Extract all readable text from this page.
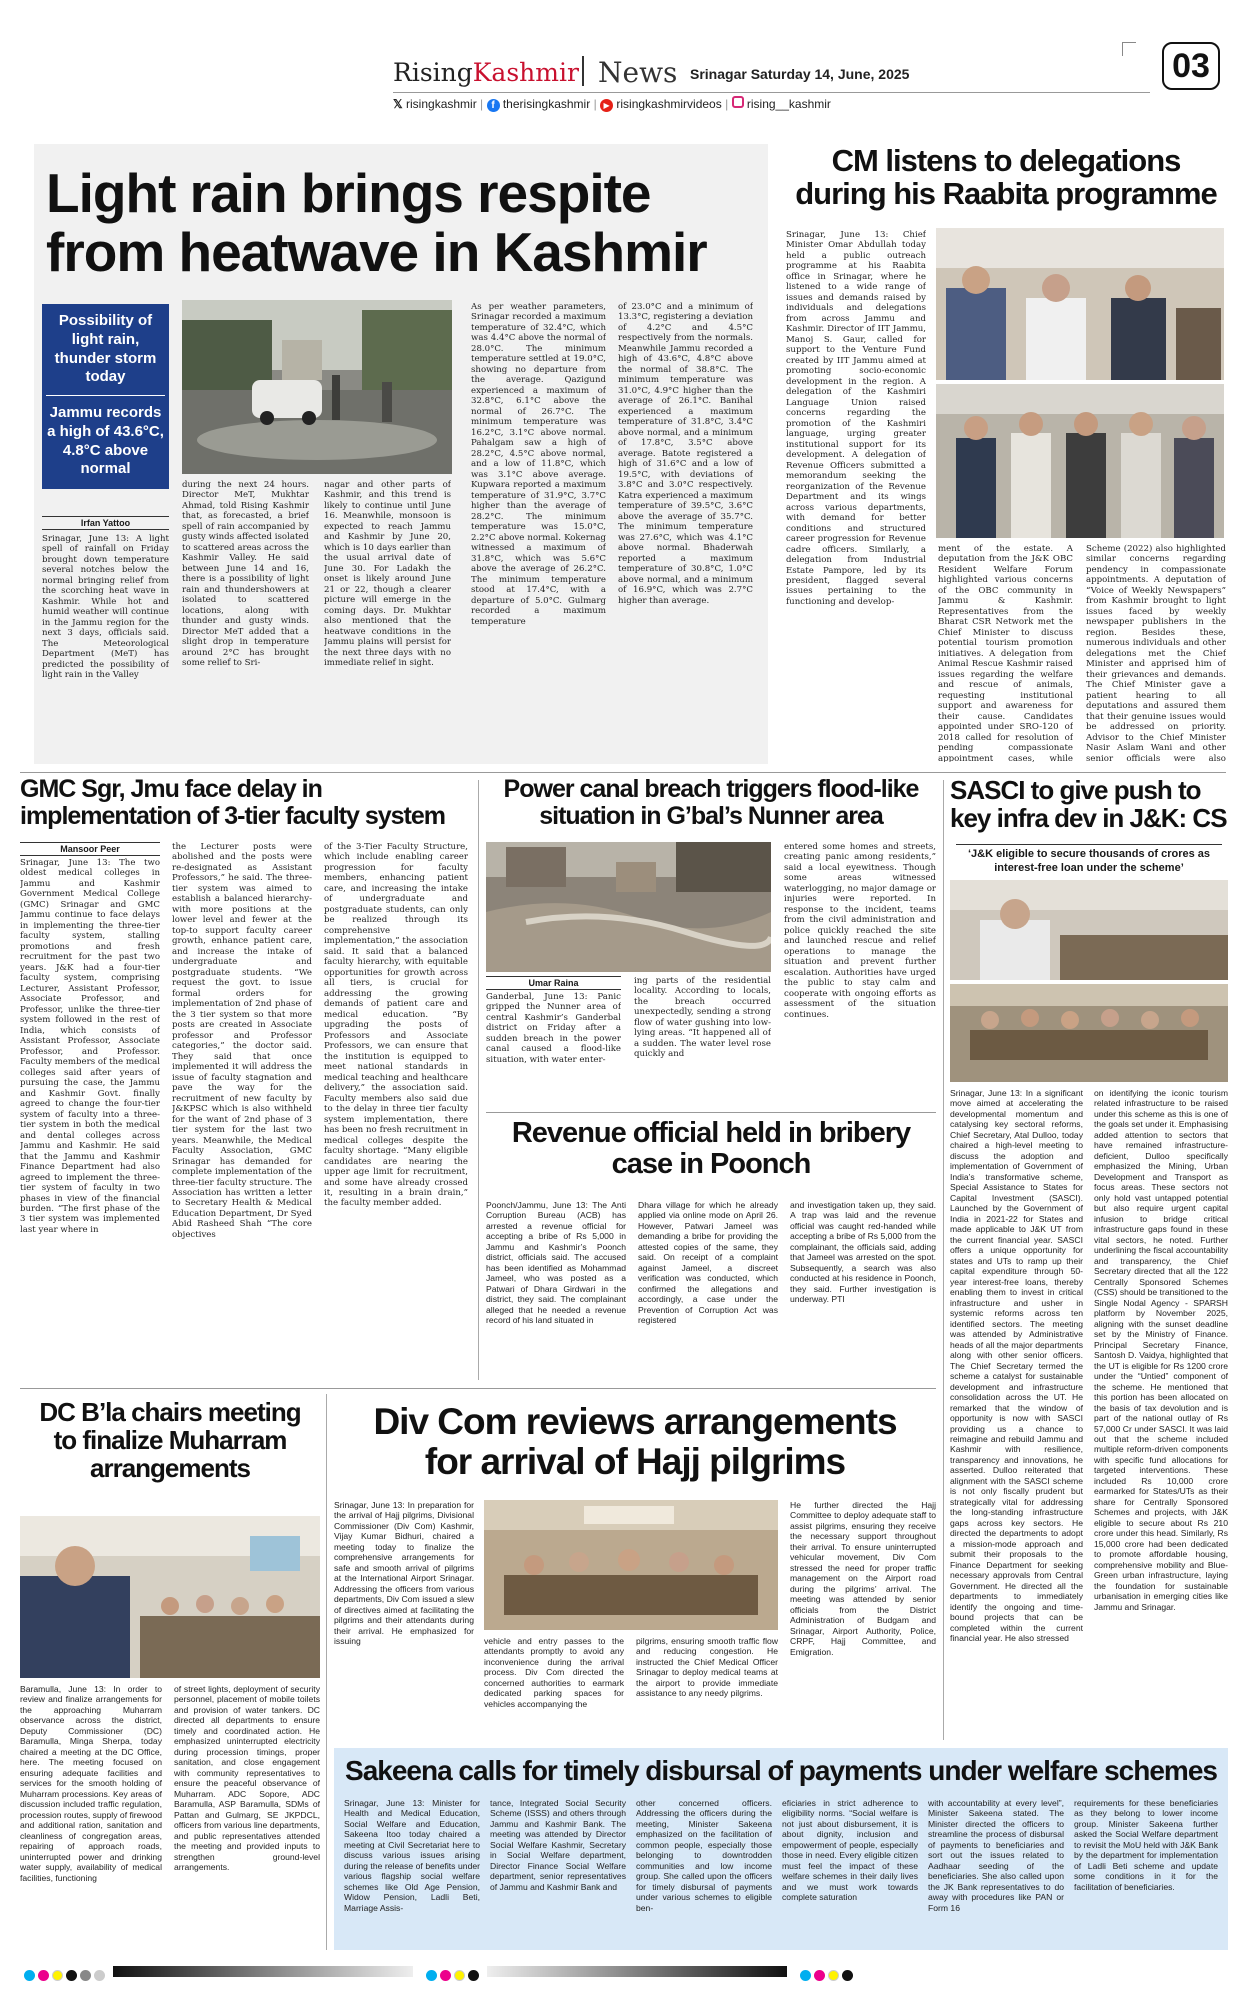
RisingKashmir News Srinagar Saturday 14, June, 2025	03
𝕏 risingkashmir | f therisingkashmir | ▶ risingkashmirvideos |  rising__kashmir
Light rain brings respite
from heatwave in Kashmir
Possibility of light rain, thunder storm today
Jammu records a high of 43.6°C, 4.8°C above normal
Irfan Yattoo
Srinagar, June 13: A light spell of rainfall on Friday brought down temperature several notches below the normal bringing relief from the scorching heat wave in Kashmir. While hot and humid weather will continue in the Jammu region for the next 3 days, officials said. The Meteorological Department (MeT) has predicted the possibility of light rain in the Valley
during the next 24 hours. Director MeT, Mukhtar Ahmad, told Rising Kashmir that, as forecasted, a brief spell of rain accompanied by gusty winds affected isolated to scattered areas across the Kashmir Valley. He said between June 14 and 16, there is a possibility of light rain and thundershowers at isolated to scattered locations, along with thunder and gusty winds. Director MeT added that a slight drop in temperature around 2°C has brought some relief to Sri-
nagar and other parts of Kashmir, and this trend is likely to continue until June 16. Meanwhile, monsoon is expected to reach Jammu and Kashmir by June 20, which is 10 days earlier than the usual arrival date of June 30. For Ladakh the onset is likely around June 21 or 22, though a clearer picture will emerge in the coming days. Dr. Mukhtar also mentioned that the heatwave conditions in the Jammu plains will persist for the next three days with no immediate relief in sight.
As per weather parameters, Srinagar recorded a maximum temperature of 32.4°C, which was 4.4°C above the normal of 28.0°C. The minimum temperature settled at 19.0°C, showing no departure from the average. Qazigund experienced a maximum of 32.8°C, 6.1°C above the normal of 26.7°C. The minimum temperature was 16.2°C, 3.1°C above normal. Pahalgam saw a high of 28.2°C, 4.5°C above normal, and a low of 11.8°C, which was 3.1°C above average. Kupwara reported a maximum temperature of 31.9°C, 3.7°C higher than the average of 28.2°C. The minimum temperature was 15.0°C, 2.2°C above normal. Kokernag witnessed a maximum of 31.8°C, which was 5.6°C above the average of 26.2°C. The minimum temperature stood at 17.4°C, with a departure of 5.0°C. Gulmarg recorded a maximum temperature
of 23.0°C and a minimum of 13.3°C, registering a deviation of 4.2°C and 4.5°C respectively from the normals. Meanwhile Jammu recorded a high of 43.6°C, 4.8°C above the normal of 38.8°C. The minimum temperature was 31.0°C, 4.9°C higher than the average of 26.1°C. Banihal experienced a maximum temperature of 31.8°C, 3.4°C above normal, and a minimum of 17.8°C, 3.5°C above average. Batote registered a high of 31.6°C and a low of 19.5°C, with deviations of 3.8°C and 3.0°C respectively. Katra experienced a maximum temperature of 39.5°C, 3.6°C above the average of 35.7°C. The minimum temperature was 27.6°C, which was 4.1°C above normal. Bhaderwah reported a maximum temperature of 30.8°C, 1.0°C above normal, and a minimum of 16.9°C, which was 2.7°C higher than average.
CM listens to delegations
during his Raabita programme
Srinagar, June 13: Chief Minister Omar Abdullah today held a public outreach programme at his Raabita office in Srinagar, where he listened to a wide range of issues and demands raised by individuals and delegations from across Jammu and Kashmir. Director of IIT Jammu, Manoj S. Gaur, called for support to the Venture Fund created by IIT Jammu aimed at promoting socio-economic development in the region. A delegation of the Kashmiri Language Union raised concerns regarding the promotion of the Kashmiri language, urging greater institutional support for its development. A delegation of Revenue Officers submitted a memorandum seeking the reorganization of the Revenue Department and its wings across various departments, with demand for better conditions and structured career progression for Revenue cadre officers. Similarly, a delegation from Industrial Estate Pampore, led by its president, flagged several issues pertaining to the functioning and develop-
ment of the estate. A deputation from the J&K OBC Resident Welfare Forum highlighted various concerns of the OBC community in Jammu & Kashmir. Representatives from the Bharat CSR Network met the Chief Minister to discuss potential tourism promotion initiatives. A delegation from Animal Rescue Kashmir raised issues regarding the welfare and rescue of animals, requesting institutional support and awareness for their cause. Candidates appointed under SRO-120 of 2018 called for resolution of pending compassionate appointment cases, while
Scheme (2022) also highlighted similar concerns regarding pendency in compassionate appointments. A deputation of “Voice of Weekly Newspapers” from Kashmir brought to light issues faced by weekly newspaper publishers in the region. Besides these, numerous individuals and other delegations met the Chief Minister and apprised him of their grievances and demands. The Chief Minister gave a patient hearing to all deputations and assured them that their genuine issues would be addressed on priority. Advisor to the Chief Minister Nasir Aslam Wani and other senior officials were also
GMC Sgr, Jmu face delay in
implementation of 3-tier faculty system
Mansoor Peer
Srinagar, June 13: The two oldest medical colleges in Jammu and Kashmir Government Medical College (GMC) Srinagar and GMC Jammu continue to face delays in implementing the three-tier faculty system, stalling promotions and fresh recruitment for the past two years. J&K had a four-tier faculty system, comprising Lecturer, Assistant Professor, Associate Professor, and Professor, unlike the three-tier system followed in the rest of India, which consists of Assistant Professor, Associate Professor, and Professor. Faculty members of the medical colleges said after years of pursuing the case, the Jammu and Kashmir Govt. finally agreed to change the four-tier system of faculty into a three-tier system in both the medical and dental colleges across Jammu and Kashmir. He said that the Jammu and Kashmir Finance Department had also agreed to implement the three-tier system of faculty in two phases in view of the financial burden. “The first phase of the 3 tier system was implemented last year where in
the Lecturer posts were abolished and the posts were re-designated as Assistant Professors,” he said. The three-tier system was aimed to establish a balanced hierarchy-with more positions at the lower level and fewer at the top-to support faculty career growth, enhance patient care, and increase the intake of undergraduate and postgraduate students. “We request the govt. to issue formal orders for implementation of 2nd phase of the 3 tier system so that more posts are created in Associate professor and Professor categories,” the doctor said. They said that once implemented it will address the issue of faculty stagnation and pave the way for the recruitment of new faculty by J&KPSC which is also withheld for the want of 2nd phase of 3 tier system for the last two years. Meanwhile, the Medical Faculty Association, GMC Srinagar has demanded for complete implementation of the three-tier faculty structure. The Association has written a letter to Secretary Health & Medical Education Department, Dr Syed Abid Rasheed Shah “The core objectives
of the 3-Tier Faculty Structure, which include enabling career progression for faculty members, enhancing patient care, and increasing the intake of undergraduate and postgraduate students, can only be realized through its comprehensive implementation,” the association said. It said that a balanced faculty hierarchy, with equitable opportunities for growth across all tiers, is crucial for addressing the growing demands of patient care and medical education. “By upgrading the posts of Professors and Associate Professors, we can ensure that the institution is equipped to meet national standards in medical teaching and healthcare delivery,” the association said. Faculty members also said due to the delay in three tier faculty system implementation, there has been no fresh recruitment in medical colleges despite the faculty shortage. “Many eligible candidates are nearing the upper age limit for recruitment, and some have already crossed it, resulting in a brain drain,” the faculty member added.
Power canal breach triggers flood-like
situation in G’bal’s Nunner area
Umar Raina
Ganderbal, June 13: Panic gripped the Nunner area of central Kashmir’s Ganderbal district on Friday after a sudden breach in the power canal caused a flood-like situation, with water enter-
ing parts of the residential locality. According to locals, the breach occurred unexpectedly, sending a strong flow of water gushing into low-lying areas. “It happened all of a sudden. The water level rose quickly and
entered some homes and streets, creating panic among residents,” said a local eyewitness. Though some areas witnessed waterlogging, no major damage or injuries were reported. In response to the incident, teams from the civil administration and police quickly reached the site and launched rescue and relief operations to manage the situation and prevent further escalation. Authorities have urged the public to stay calm and cooperate with ongoing efforts as assessment of the situation continues.
Revenue official held in bribery
case in Poonch
Poonch/Jammu, June 13: The Anti Corruption Bureau (ACB) has arrested a revenue official for accepting a bribe of Rs 5,000 in Jammu and Kashmir’s Poonch district, officials said. The accused has been identified as Mohammad Jameel, who was posted as a Patwari of Dhara Girdwari in the district, they said. The complainant alleged that he needed a revenue record of his land situated in
Dhara village for which he already applied via online mode on April 26. However, Patwari Jameel was demanding a bribe for providing the attested copies of the same, they said. On receipt of a complaint against Jameel, a discreet verification was conducted, which confirmed the allegations and accordingly, a case under the Prevention of Corruption Act was registered
and investigation taken up, they said. A trap was laid and the revenue official was caught red-handed while accepting a bribe of Rs 5,000 from the complainant, the officials said, adding that Jameel was arrested on the spot. Subsequently, a search was also conducted at his residence in Poonch, they said. Further investigation is underway. PTI
SASCI to give push to
key infra dev in J&K: CS
‘J&K eligible to secure thousands of crores as interest-free loan under the scheme’
Srinagar, June 13: In a significant move aimed at accelerating the developmental momentum and catalysing key sectoral reforms, Chief Secretary, Atal Dulloo, today chaired a high-level meeting to discuss the adoption and implementation of Government of India’s transformative scheme, Special Assistance to States for Capital Investment (SASCI). Launched by the Government of India in 2021-22 for States and made applicable to J&K UT from the current financial year. SASCI offers a unique opportunity for states and UTs to ramp up their capital expenditure through 50-year interest-free loans, thereby enabling them to invest in critical infrastructure and usher in systemic reforms across ten identified sectors. The meeting was attended by Administrative heads of all the major departments along with other senior officers. The Chief Secretary termed the scheme a catalyst for sustainable development and infrastructure consolidation across the UT. He remarked that the window of opportunity is now with SASCI providing us a chance to reimagine and rebuild Jammu and Kashmir with resilience, transparency and innovations, he asserted. Dulloo reiterated that alignment with the SASCI scheme is not only fiscally prudent but strategically vital for addressing the long-standing infrastructure gaps across key sectors. He directed the departments to adopt a mission-mode approach and submit their proposals to the Finance Department for seeking necessary approvals from Central Government. He directed all the departments to immediately identify the ongoing and time-bound projects that can be completed within the current financial year. He also stressed
on identifying the iconic tourism related infrastructure to be raised under this scheme as this is one of the goals set under it. Emphasising added attention to sectors that have remained infrastructure-deficient, Dulloo specifically emphasized the Mining, Urban Development and Transport as focus areas. These sectors not only hold vast untapped potential but also require urgent capital infusion to bridge critical infrastructure gaps found in these vital sectors, he noted. Further underlining the fiscal accountability and transparency, the Chief Secretary directed that all the 122 Centrally Sponsored Schemes (CSS) should be transitioned to the Single Nodal Agency - SPARSH platform by November 2025, aligning with the sunset deadline set by the Ministry of Finance. Principal Secretary Finance, Santosh D. Vaidya, highlighted that the UT is eligible for Rs 1200 crore under the “Untied” component of the scheme. He mentioned that this portion has been allocated on the basis of tax devolution and is part of the national outlay of Rs 57,000 Cr under SASCI. It was laid out that the scheme included multiple reform-driven components with specific fund allocations for targeted interventions. These included Rs 10,000 crore earmarked for States/UTs as their share for Centrally Sponsored Schemes and projects, with J&K eligible to secure about Rs 210 crore under this head. Similarly, Rs 15,000 crore had been dedicated to promote affordable housing, comprehensive mobility and Blue-Green urban infrastructure, laying the foundation for sustainable urbanisation in emerging cities like Jammu and Srinagar.
DC B’la chairs meeting
to finalize Muharram
arrangements
Baramulla, June 13: In order to review and finalize arrangements for the approaching Muharram observance across the district, Deputy Commissioner (DC) Baramulla, Minga Sherpa, today chaired a meeting at the DC Office, here. The meeting focused on ensuring adequate facilities and services for the smooth holding of Muharram processions. Key areas of discussion included traffic regulation, procession routes, supply of firewood and additional ration, sanitation and cleanliness of congregation areas, repairing of approach roads, uninterrupted power and drinking water supply, availability of medical facilities, functioning
of street lights, deployment of security personnel, placement of mobile toilets and provision of water tankers. DC directed all departments to ensure timely and coordinated action. He emphasized uninterrupted electricity during procession timings, proper sanitation, and close engagement with community representatives to ensure the peaceful observance of Muharram. ADC Sopore, ADC Baramulla, ASP Baramulla, SDMs of Pattan and Gulmarg, SE JKPDCL, officers from various line departments, and public representatives attended the meeting and provided inputs to strengthen ground-level arrangements.
Div Com reviews arrangements
for arrival of Hajj pilgrims
Srinagar, June 13: In preparation for the arrival of Hajj pilgrims, Divisional Commissioner (Div Com) Kashmir, Vijay Kumar Bidhuri, chaired a meeting today to finalize the comprehensive arrangements for safe and smooth arrival of pilgrims at the International Airport Srinagar. Addressing the officers from various departments, Div Com issued a slew of directives aimed at facilitating the pilgrims and their attendants during their arrival. He emphasized for issuing	vehicle and entry passes to the attendants promptly to avoid any inconvenience during the arrival process. Div Com directed the concerned authorities to earmark dedicated parking spaces for vehicles accompanying the
pilgrims, ensuring smooth traffic flow and reducing congestion. He instructed the Chief Medical Officer Srinagar to deploy medical teams at the airport to provide immediate assistance to any needy pilgrims.
He further directed the Hajj Committee to deploy adequate staff to assist pilgrims, ensuring they receive the necessary support throughout their arrival. To ensure uninterrupted vehicular movement, Div Com stressed the need for proper traffic management on the Airport road during the pilgrims’ arrival. The meeting was attended by senior officials from the District Administration of Budgam and Srinagar, Airport Authority, Police, CRPF, Hajj Committee, and Emigration.
Sakeena calls for timely disbursal of payments under welfare schemes
Srinagar, June 13: Minister for Health and Medical Education, Social Welfare and Education, Sakeena Itoo today chaired a meeting at Civil Secretariat here to discuss various issues arising during the release of benefits under various flagship social welfare schemes like Old Age Pension, Widow Pension, Ladli Beti, Marriage Assis-
tance, Integrated Social Security Scheme (ISSS) and others through Jammu and Kashmir Bank. The meeting was attended by Director Social Welfare Kashmir, Secretary in Social Welfare department, Director Finance Social Welfare department, senior representatives of Jammu and Kashmir Bank and
other concerned officers. Addressing the officers during the meeting, Minister Sakeena emphasized on the facilitation of common people, especially those belonging to downtrodden communities and low income group. She called upon the officers for timely disbursal of payments under various schemes to eligible ben-
eficiaries in strict adherence to eligibility norms. “Social welfare is not just about disbursement, it is about dignity, inclusion and empowerment of people, especially those in need. Every eligible citizen must feel the impact of these welfare schemes in their daily lives and we must work towards complete saturation
with accountability at every level”, Minister Sakeena stated. The Minister directed the officers to streamline the process of disbursal of payments to beneficiaries and sort out the issues related to Aadhaar seeding of the beneficiaries. She also called upon the JK Bank representatives to do away with procedures like PAN or Form 16
requirements for these beneficiaries as they belong to lower income group. Minister Sakeena further asked the Social Welfare department to revisit the MoU held with J&K Bank by the department for implementation of Ladli Beti scheme and update some conditions in it for the facilitation of beneficiaries.
